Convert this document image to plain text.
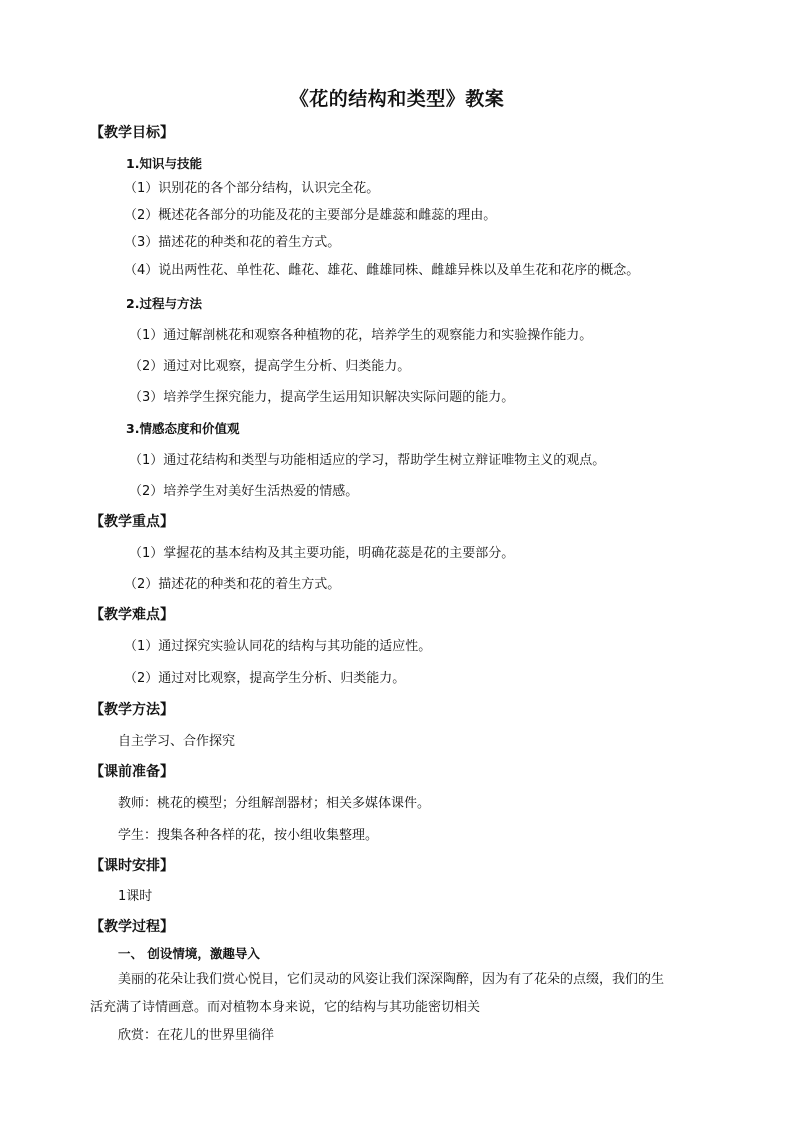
《花的结构和类型》教案
【教学目标】
1.知识与技能
（1）识别花的各个部分结构，认识完全花。
（2）概述花各部分的功能及花的主要部分是雄蕊和雌蕊的理由。
（3）描述花的种类和花的着生方式。
（4）说出两性花、单性花、雌花、雄花、雌雄同株、雌雄异株以及单生花和花序的概念。
2.过程与方法
（1）通过解剖桃花和观察各种植物的花，培养学生的观察能力和实验操作能力。
（2）通过对比观察，提高学生分析、归类能力。
（3）培养学生探究能力，提高学生运用知识解决实际问题的能力。
3.情感态度和价值观
（1）通过花结构和类型与功能相适应的学习，帮助学生树立辩证唯物主义的观点。
（2）培养学生对美好生活热爱的情感。
【教学重点】
（1）掌握花的基本结构及其主要功能，明确花蕊是花的主要部分。
（2）描述花的种类和花的着生方式。
【教学难点】
（1）通过探究实验认同花的结构与其功能的适应性。
（2）通过对比观察，提高学生分析、归类能力。
【教学方法】
自主学习、合作探究
【课前准备】
教师：桃花的模型；分组解剖器材；相关多媒体课件。
学生：搜集各种各样的花，按小组收集整理。
【课时安排】
1课时
【教学过程】
一、 创设情境，激趣导入
美丽的花朵让我们赏心悦目，它们灵动的风姿让我们深深陶醉，因为有了花朵的点缀，我们的生
活充满了诗情画意。而对植物本身来说，它的结构与其功能密切相关
欣赏：在花儿的世界里徜徉
